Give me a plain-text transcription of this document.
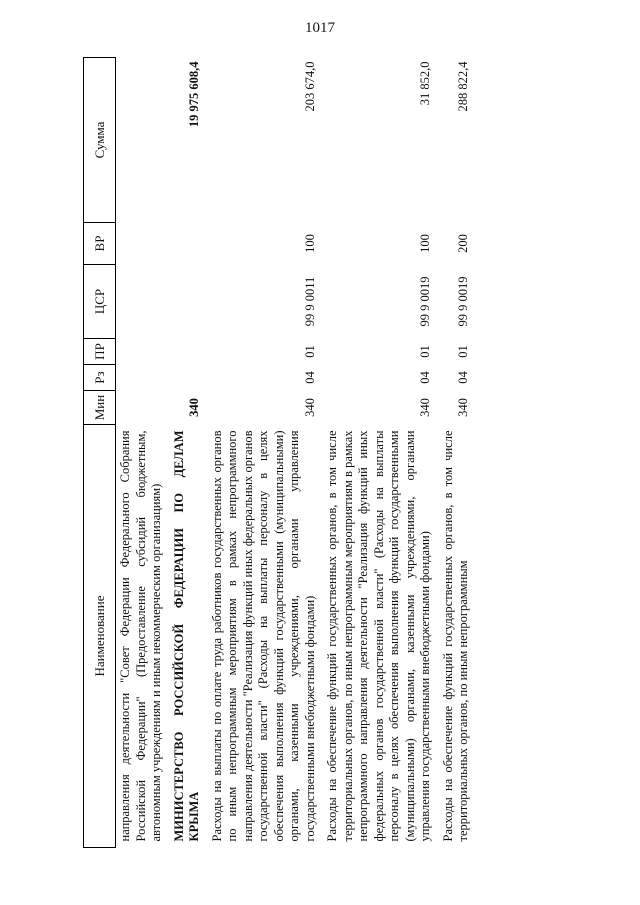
1017
Наименование	Мин	Рз	ПР	ЦСР	ВР	Сумма
направления деятельности "Совет Федерации Федерального Собрания Российской Федерации" (Предоставление субсидий бюджетным, автономным учреждениям и иным некоммерческим организациям)						
МИНИСТЕРСТВО РОССИЙСКОЙ ФЕДЕРАЦИИ ПО ДЕЛАМ КРЫМА	340					19 975 608,4
Расходы на выплаты по оплате труда работников государственных органов по иным непрограммным мероприятиям в рамках непрограммного направления деятельности "Реализация функций иных федеральных органов государственной власти" (Расходы на выплаты персоналу в целях обеспечения выполнения функций государственными (муниципальными) органами, казенными учреждениями, органами управления государственными внебюджетными фондами)	340	04	01	99 9 0011	100	203 674,0
Расходы на обеспечение функций государственных органов, в том числе территориальных органов, по иным непрограммным мероприятиям в рамках непрограммного направления деятельности "Реализация функций иных федеральных органов государственной власти" (Расходы на выплаты персоналу в целях обеспечения выполнения функций государственными (муниципальными) органами, казенными учреждениями, органами управления государственными внебюджетными фондами)	340	04	01	99 9 0019	100	31 852,0
Расходы на обеспечение функций государственных органов, в том числе территориальных органов, по иным непрограммным	340	04	01	99 9 0019	200	288 822,4
